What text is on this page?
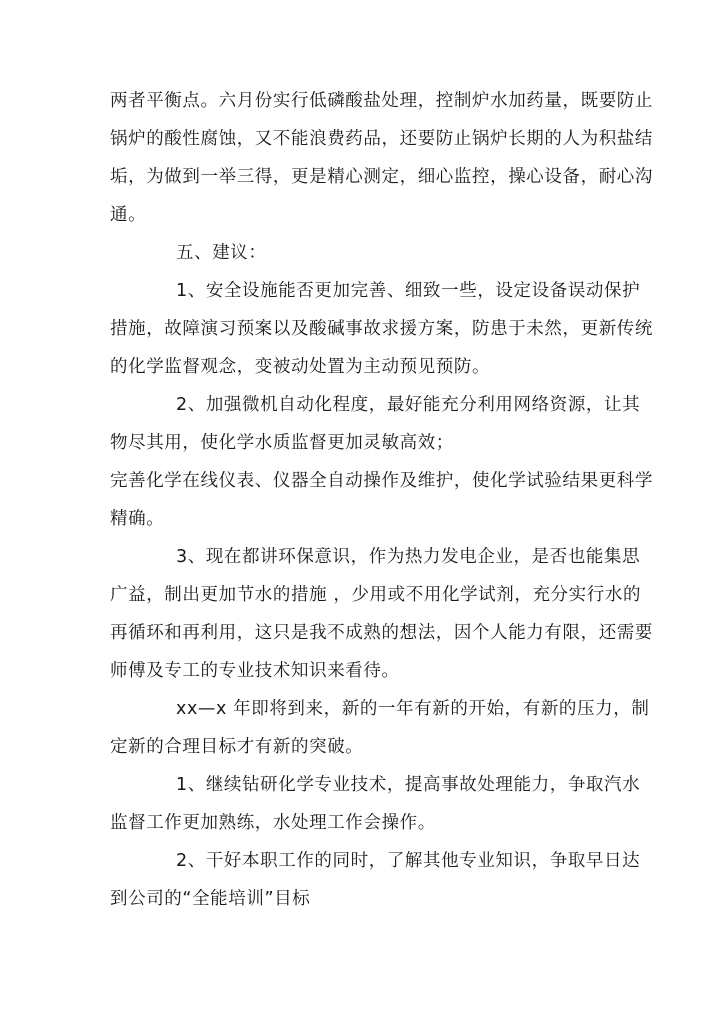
两者平衡点。六月份实行低磷酸盐处理，控制炉水加药量，既要防止
锅炉的酸性腐蚀，又不能浪费药品，还要防止锅炉长期的人为积盐结
垢，为做到一举三得，更是精心测定，细心监控，操心设备，耐心沟
通。
五、建议：
1、安全设施能否更加完善、细致一些，设定设备误动保护
措施，故障演习预案以及酸碱事故求援方案，防患于未然，更新传统
的化学监督观念，变被动处置为主动预见预防。
2、加强微机自动化程度，最好能充分利用网络资源，让其
物尽其用，使化学水质监督更加灵敏高效；
完善化学在线仪表、仪器全自动操作及维护，使化学试验结果更科学
精确。
3、现在都讲环保意识，作为热力发电企业，是否也能集思
广益，制出更加节水的措施 ，少用或不用化学试剂，充分实行水的
再循环和再利用，这只是我不成熟的想法，因个人能力有限，还需要
师傅及专工的专业技术知识来看待。
xx—x 年即将到来，新的一年有新的开始，有新的压力，制
定新的合理目标才有新的突破。
1、继续钻研化学专业技术，提高事故处理能力，争取汽水
监督工作更加熟练，水处理工作会操作。
2、干好本职工作的同时，了解其他专业知识，争取早日达
到公司的“全能培训”目标
